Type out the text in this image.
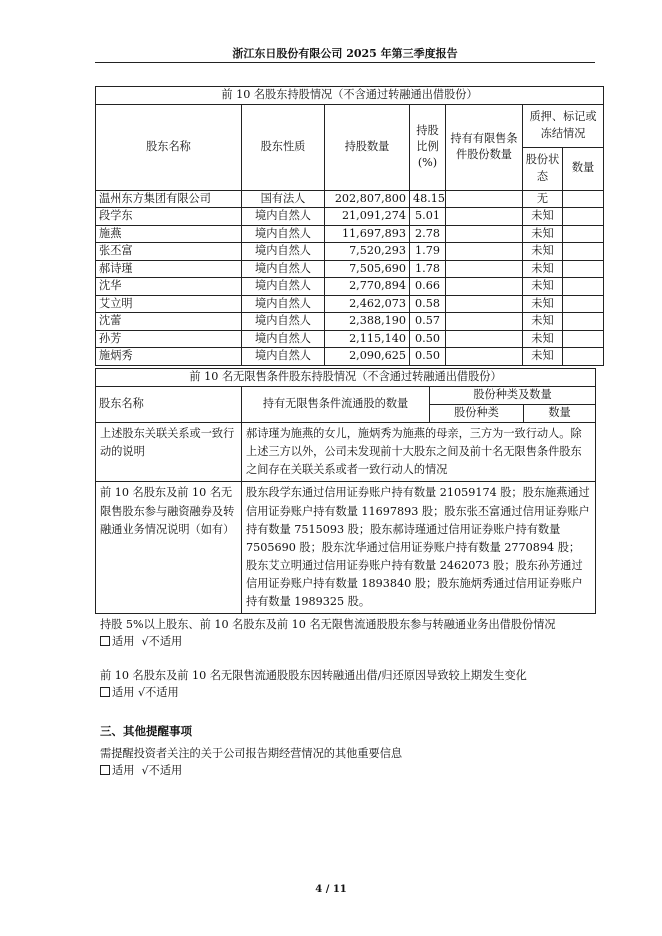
浙江东日股份有限公司 2025 年第三季度报告
前 10 名股东持股情况（不含通过转融通出借股份）						
股东名称	股东性质	持股数量	持股比例(%)	持有有限售条件股份数量	质押、标记或冻结情况	
					股份状态	数量
温州东方集团有限公司	国有法人	202,807,800	48.15		无	
段学东	境内自然人	21,091,274	5.01		未知	
施燕	境内自然人	11,697,893	2.78		未知	
张丕富	境内自然人	7,520,293	1.79		未知	
郝诗瑾	境内自然人	7,505,690	1.78		未知	
沈华	境内自然人	2,770,894	0.66		未知	
艾立明	境内自然人	2,462,073	0.58		未知	
沈蕾	境内自然人	2,388,190	0.57		未知	
孙芳	境内自然人	2,115,140	0.50		未知	
施炳秀	境内自然人	2,090,625	0.50		未知	
前 10 名无限售条件股东持股情况（不含通过转融通出借股份）			
股东名称	持有无限售条件流通股的数量	股份种类及数量	
		股份种类	数量
上述股东关联关系或一致行动的说明	郝诗瑾为施燕的女儿，施炳秀为施燕的母亲，三方为一致行动人。除上述三方以外，公司未发现前十大股东之间及前十名无限售条件股东之间存在关联关系或者一致行动人的情况		
前 10 名股东及前 10 名无限售股东参与融资融券及转融通业务情况说明（如有）	股东段学东通过信用证券账户持有数量 21059174 股；股东施燕通过信用证券账户持有数量 11697893 股；股东张丕富通过信用证券账户持有数量 7515093 股；股东郝诗瑾通过信用证券账户持有数量 7505690 股；股东沈华通过信用证券账户持有数量 2770894 股；股东艾立明通过信用证券账户持有数量 2462073 股；股东孙芳通过信用证券账户持有数量 1893840 股；股东施炳秀通过信用证券账户持有数量 1989325 股。		
持股 5%以上股东、前 10 名股东及前 10 名无限售流通股股东参与转融通业务出借股份情况
适用 √不适用
前 10 名股东及前 10 名无限售流通股股东因转融通出借/归还原因导致较上期发生变化
适用 √不适用
三、其他提醒事项
需提醒投资者关注的关于公司报告期经营情况的其他重要信息
适用 √不适用
4 / 11
